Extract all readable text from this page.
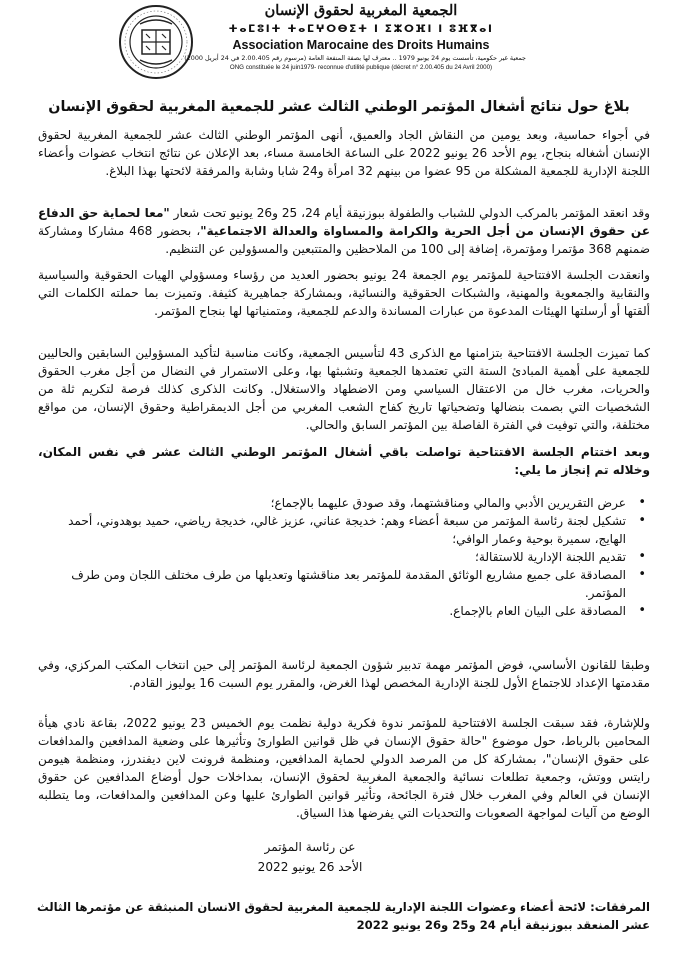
الجمعية المغربية لحقوق الإنسان
ⵜⴰⵎⵓⵏⵜ ⵜⴰⵎⵖⵔⴱⵉⵜ ⵏ ⵉⵣⵔⴼⵏ ⵏ ⵓⴼⴳⴰⵏ
Association Marocaine des Droits Humains
جمعية غير حكومية، تأسست يوم 24 يونيو 1979 .. معترف لها بصفة المنفعة العامة (مرسوم رقم 2.00.405 في 24 أبريل 2000)
ONG constituée le 24 juin1979- reconnue d'utilité publique (décret n° 2.00.405 du 24 Avril 2000)
بلاغ حول نتائج أشغال المؤتمر الوطني الثالث عشر للجمعية المغربية لحقوق الإنسان

في أجواء حماسية، وبعد يومين من النقاش الجاد والعميق، أنهى المؤتمر الوطني الثالث عشر للجمعية المغربية لحقوق الإنسان أشغاله بنجاح، يوم الأحد 26 يونيو 2022 على الساعة الخامسة مساء، بعد الإعلان عن نتائج انتخاب عضوات وأعضاء اللجنة الإدارية للجمعية المشكلة من 95 عضوا من بينهم 32 امرأة و24 شابا وشابة والمرفقة لائحتها بهذا البلاغ.

وقد انعقد المؤتمر بالمركب الدولي للشباب والطفولة ببوزنيقة أيام 24، 25 و26 يونيو تحت شعار "معا لحماية حق الدفاع عن حقوق الإنسان من أجل الحرية والكرامة والمساواة والعدالة الاجتماعية"، بحضور 468 مشاركا ومشاركة ضمنهم 368 مؤتمرا ومؤتمرة، إضافة إلى 100 من الملاحظين والمتتبعين والمسؤولين عن التنظيم.

وانعقدت الجلسة الافتتاحية للمؤتمر يوم الجمعة 24 يونيو بحضور العديد من رؤساء ومسؤولي الهيات الحقوقية والسياسية والنقابية والجمعوية والمهنية، والشبكات الحقوقية والنسائية، وبمشاركة جماهيرية كثيفة. وتميزت بما حملته الكلمات التي ألقتها أو أرسلتها الهيئات المدعوة من عبارات المساندة والدعم للجمعية، ومتمنياتها لها بنجاح المؤتمر.

كما تميزت الجلسة الافتتاحية بتزامنها مع الذكرى 43 لتأسيس الجمعية، وكانت مناسبة لتأكيد المسؤولين السابقين والحاليين للجمعية على أهمية المبادئ الستة التي تعتمدها الجمعية وتشبثها بها، وعلى الاستمرار في النضال من أجل مغرب الحقوق والحريات، مغرب خال من الاعتقال السياسي ومن الاضطهاد والاستغلال. وكانت الذكرى كذلك فرصة لتكريم ثلة من الشخصيات التي بصمت بنضالها وتضحياتها تاريخ كفاح الشعب المغربي من أجل الديمقراطية وحقوق الإنسان، من مواقع مختلفة، والتي توفيت في الفترة الفاصلة بين المؤتمر السابق والحالي.

وبعد اختتام الجلسة الافتتاحية تواصلت باقي أشغال المؤتمر الوطني الثالث عشر في نفس المكان، وخلاله تم إنجاز ما يلي:

• عرض التقريرين الأدبي والمالي ومناقشتهما، وقد صودق عليهما بالإجماع؛
• تشكيل لجنة رئاسة المؤتمر من سبعة أعضاء وهم: خديجة عناني، عزيز غالي، خديجة رياضي، حميد بوهدوني، أحمد الهايج، سميرة بوحية وعمار الوافي؛
• تقديم اللجنة الإدارية للاستقالة؛
• المصادقة على جميع مشاريع الوثائق المقدمة للمؤتمر بعد مناقشتها وتعديلها من طرف مختلف اللجان ومن طرف المؤتمر.
• المصادقة على البيان العام بالإجماع.

وطبقا للقانون الأساسي، فوض المؤتمر مهمة تدبير شؤون الجمعية لرئاسة المؤتمر إلى حين انتخاب المكتب المركزي، وفي مقدمتها الإعداد للاجتماع الأول للجنة الإدارية المخصص لهذا الغرض، والمقرر يوم السبت 16 يوليوز القادم.

وللإشارة، فقد سبقت الجلسة الافتتاحية للمؤتمر ندوة فكرية دولية نظمت يوم الخميس 23 يونيو 2022، بقاعة نادي هيأة المحامين بالرباط، حول موضوع "حالة حقوق الإنسان في ظل قوانين الطوارئ وتأثيرها على وضعية المدافعين والمدافعات على حقوق الإنسان"، بمشاركة كل من المرصد الدولي لحماية المدافعين، ومنظمة فرونت لاين ديفندرز، ومنظمة هيومن رايتس ووتش، وجمعية تطلعات نسائية والجمعية المغربية لحقوق الإنسان، بمداخلات حول أوضاع المدافعين عن حقوق الإنسان في العالم وفي المغرب خلال فترة الجائحة، وتأثير قوانين الطوارئ عليها وعن المدافعين والمدافعات، وما يتطلبه الوضع من آليات لمواجهة الصعوبات والتحديات التي يفرضها هذا السياق.

عن رئاسة المؤتمر
الأحد 26 يونيو 2022
المرفقات: لائحة أعضاء وعضوات اللجنة الإدارية للجمعية المغربية لحقوق الانسان المنبثقة عن مؤتمرها الثالث عشر المنعقد ببوزنيقة أيام 24 و25 و26 يونيو 2022
